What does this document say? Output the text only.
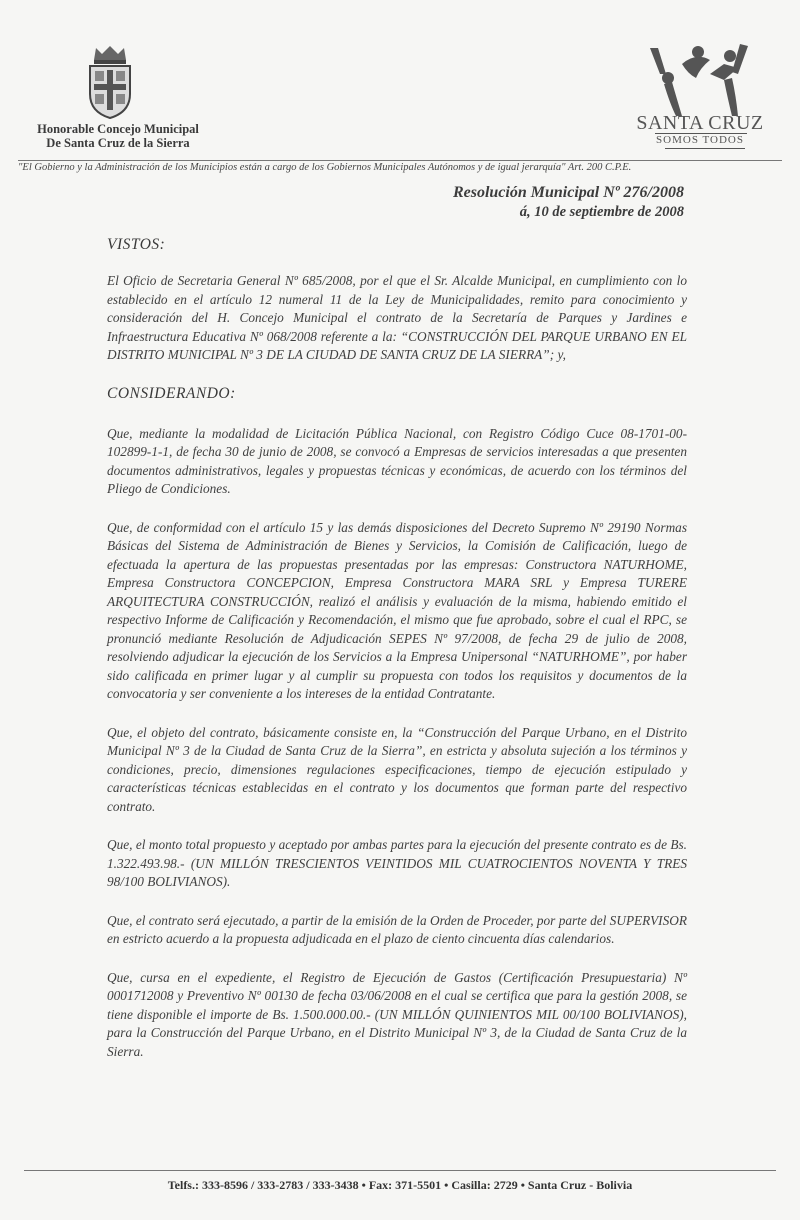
Honorable Concejo Municipal
De Santa Cruz de la Sierra
SANTA CRUZ
SOMOS TODOS
"El Gobierno y la Administración de los Municipios están a cargo de los Gobiernos Municipales Autónomos y de igual jerarquía" Art. 200 C.P.E.
Resolución Municipal Nº 276/2008
á, 10 de septiembre de 2008
VISTOS:

El Oficio de Secretaria General Nº 685/2008, por el que el Sr. Alcalde Municipal, en cumplimiento con lo establecido en el artículo 12 numeral 11 de la Ley de Municipalidades, remito para conocimiento y consideración del H. Concejo Municipal el contrato de la Secretaría de Parques y Jardines e Infraestructura Educativa Nº 068/2008 referente a la: “CONSTRUCCIÓN DEL PARQUE URBANO EN EL DISTRITO MUNICIPAL Nº 3 DE LA CIUDAD DE SANTA CRUZ DE LA SIERRA”; y,

CONSIDERANDO:

Que, mediante la modalidad de Licitación Pública Nacional, con Registro Código Cuce 08-1701-00-102899-1-1, de fecha 30 de junio de 2008, se convocó a Empresas de servicios interesadas a que presenten documentos administrativos, legales y propuestas técnicas y económicas, de acuerdo con los términos del Pliego de Condiciones.

Que, de conformidad con el artículo 15 y las demás disposiciones del Decreto Supremo Nº 29190 Normas Básicas del Sistema de Administración de Bienes y Servicios, la Comisión de Calificación, luego de efectuada la apertura de las propuestas presentadas por las empresas: Constructora NATURHOME, Empresa Constructora CONCEPCION, Empresa Constructora MARA SRL y Empresa TURERE ARQUITECTURA CONSTRUCCIÓN, realizó el análisis y evaluación de la misma, habiendo emitido el respectivo Informe de Calificación y Recomendación, el mismo que fue aprobado, sobre el cual el RPC, se pronunció mediante Resolución de Adjudicación SEPES Nº 97/2008, de fecha 29 de julio de 2008, resolviendo adjudicar la ejecución de los Servicios a la Empresa Unipersonal “NATURHOME”, por haber sido calificada en primer lugar y al cumplir su propuesta con todos los requisitos y documentos de la convocatoria y ser conveniente a los intereses de la entidad Contratante.

Que, el objeto del contrato, básicamente consiste en, la “Construcción del Parque Urbano, en el Distrito Municipal Nº 3 de la Ciudad de Santa Cruz de la Sierra”, en estricta y absoluta sujeción a los términos y condiciones, precio, dimensiones regulaciones especificaciones, tiempo de ejecución estipulado y características técnicas establecidas en el contrato y los documentos que forman parte del respectivo contrato.

Que, el monto total propuesto y aceptado por ambas partes para la ejecución del presente contrato es de Bs. 1.322.493.98.- (UN MILLÓN TRESCIENTOS VEINTIDOS MIL CUATROCIENTOS NOVENTA Y TRES 98/100 BOLIVIANOS).

Que, el contrato será ejecutado, a partir de la emisión de la Orden de Proceder, por parte del SUPERVISOR en estricto acuerdo a la propuesta adjudicada en el plazo de ciento cincuenta días calendarios.

Que, cursa en el expediente, el Registro de Ejecución de Gastos (Certificación Presupuestaria) Nº 0001712008 y Preventivo Nº 00130 de fecha 03/06/2008 en el cual se certifica que para la gestión 2008, se tiene disponible el importe de Bs. 1.500.000.00.- (UN MILLÓN QUINIENTOS MIL 00/100 BOLIVIANOS), para la Construcción del Parque Urbano, en el Distrito Municipal Nº 3, de la Ciudad de Santa Cruz de la Sierra.

Telfs.: 333-8596 / 333-2783 / 333-3438 • Fax: 371-5501 • Casilla: 2729 • Santa Cruz - Bolivia
